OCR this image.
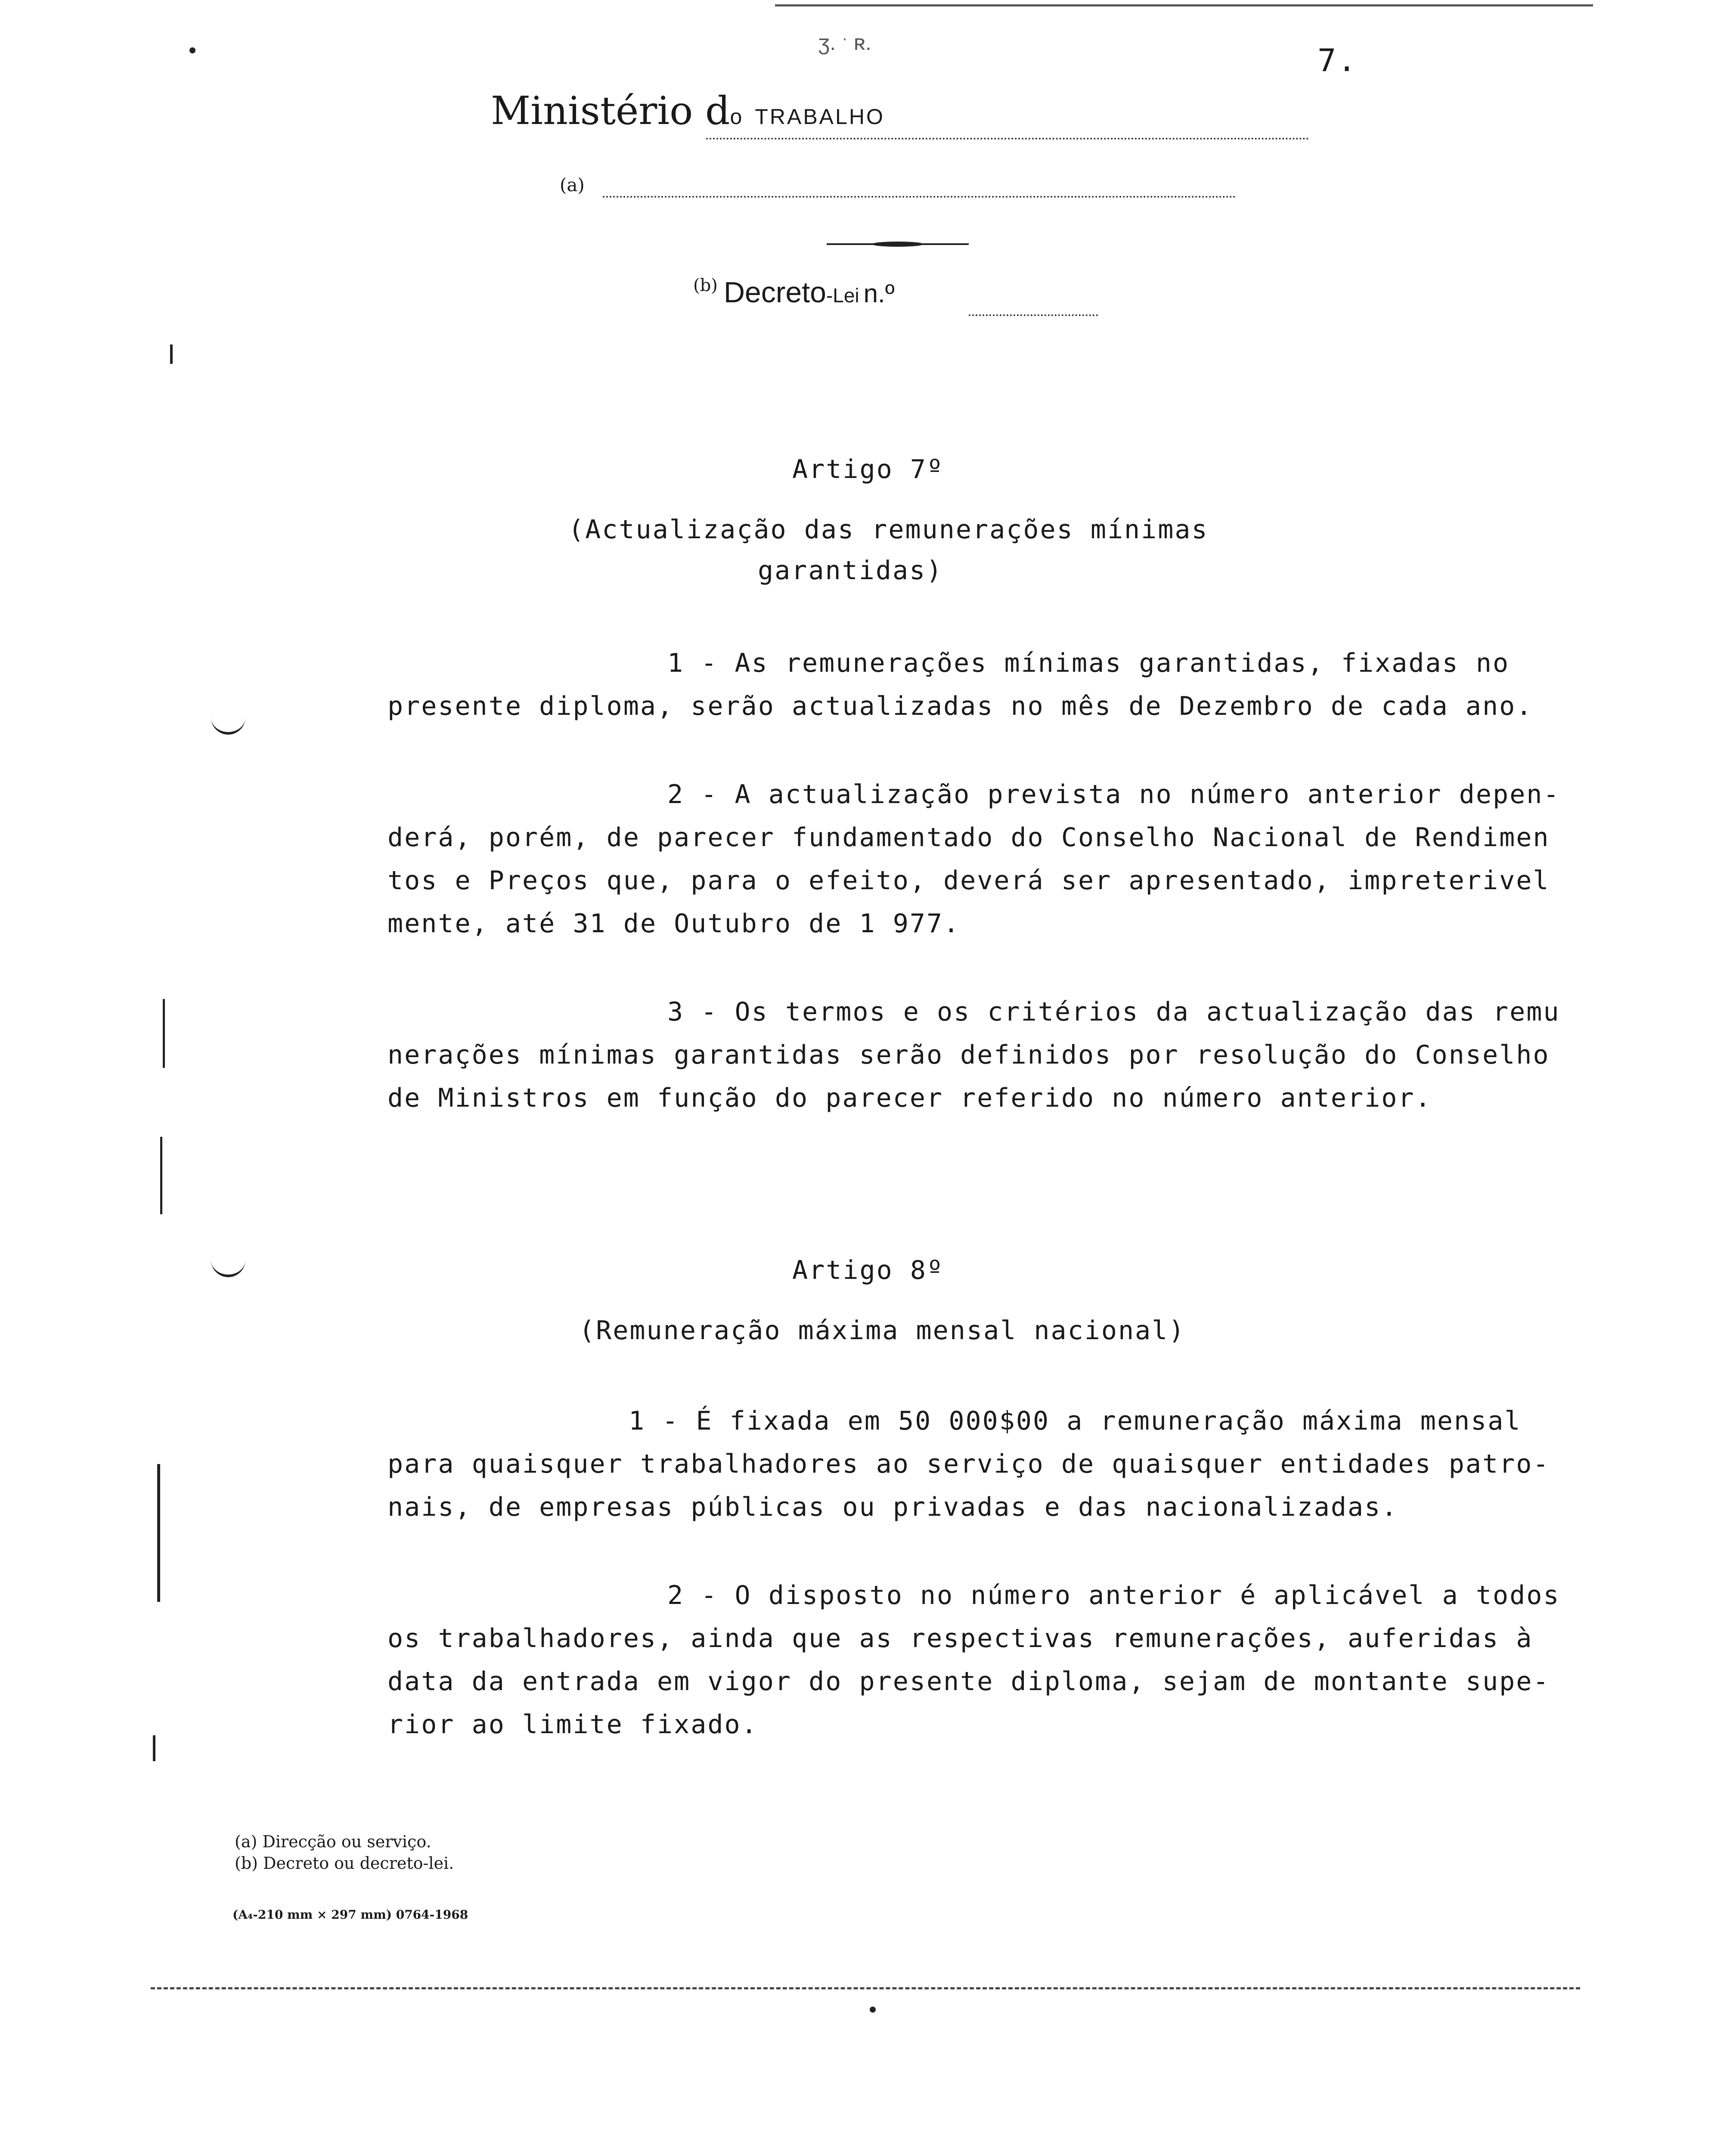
ʒ. ˑ ʀ.	7.
Ministério do TRABALHO
(a)
(b) Decreto-Lei n.º
Artigo 7º
(Actualização das remunerações mínimas
garantidas)
1 - As remunerações mínimas garantidas, fixadas no
presente diploma, serão actualizadas no mês de Dezembro de cada ano.
2 - A actualização prevista no número anterior depen-
derá, porém, de parecer fundamentado do Conselho Nacional de Rendimen
tos e Preços que, para o efeito, deverá ser apresentado, impreterivel
mente, até 31 de Outubro de 1 977.
3 - Os termos e os critérios da actualização das remu
nerações mínimas garantidas serão definidos por resolução do Conselho
de Ministros em função do parecer referido no número anterior.
Artigo 8º
(Remuneração máxima mensal nacional)
1 - É fixada em 50 000$00 a remuneração máxima mensal
para quaisquer trabalhadores ao serviço de quaisquer entidades patro-
nais, de empresas públicas ou privadas e das nacionalizadas.
2 - O disposto no número anterior é aplicável a todos
os trabalhadores, ainda que as respectivas remunerações, auferidas à
data da entrada em vigor do presente diploma, sejam de montante supe-
rior ao limite fixado.
(a) Direcção ou serviço.
(b) Decreto ou decreto-lei.
(A₄-210 mm × 297 mm) 0764-1968
